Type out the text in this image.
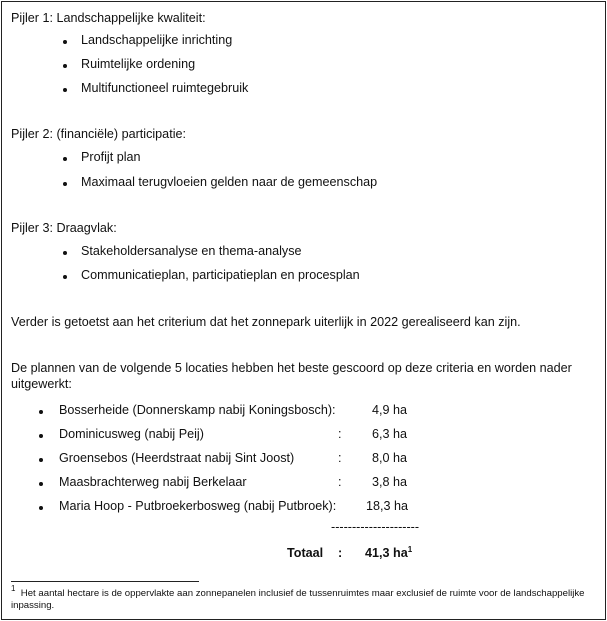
Pijler 1: Landschappelijke kwaliteit:
Landschappelijke inrichting
Ruimtelijke ordening
Multifunctioneel ruimtegebruik
Pijler 2: (financiële) participatie:
Profijt plan
Maximaal terugvloeien gelden naar de gemeenschap
Pijler 3: Draagvlak:
Stakeholdersanalyse en thema-analyse
Communicatieplan, participatieplan en procesplan
Verder is getoetst aan het criterium dat het zonnepark uiterlijk in 2022 gerealiseerd kan zijn.
De plannen van de volgende 5 locaties hebben het beste gescoord op deze criteria en worden nader
uitgewerkt:
Bosserheide (Donnerskamp nabij Koningsbosch):	4,9 ha
Dominicusweg (nabij Peij)	: 6,3 ha
Groensebos (Heerdstraat nabij Sint Joost)	: 8,0 ha
Maasbrachterweg nabij Berkelaar	: 3,8 ha
Maria Hoop - Putbroekerbosweg (nabij Putbroek): 18,3 ha
---------------------
Totaal : 41,3 $ha^1$
$^1$ Het aantal hectare is de oppervlakte aan zonnepanelen inclusief de tussenruimtes maar exclusief de ruimte voor de landschappelijke inpassing.
